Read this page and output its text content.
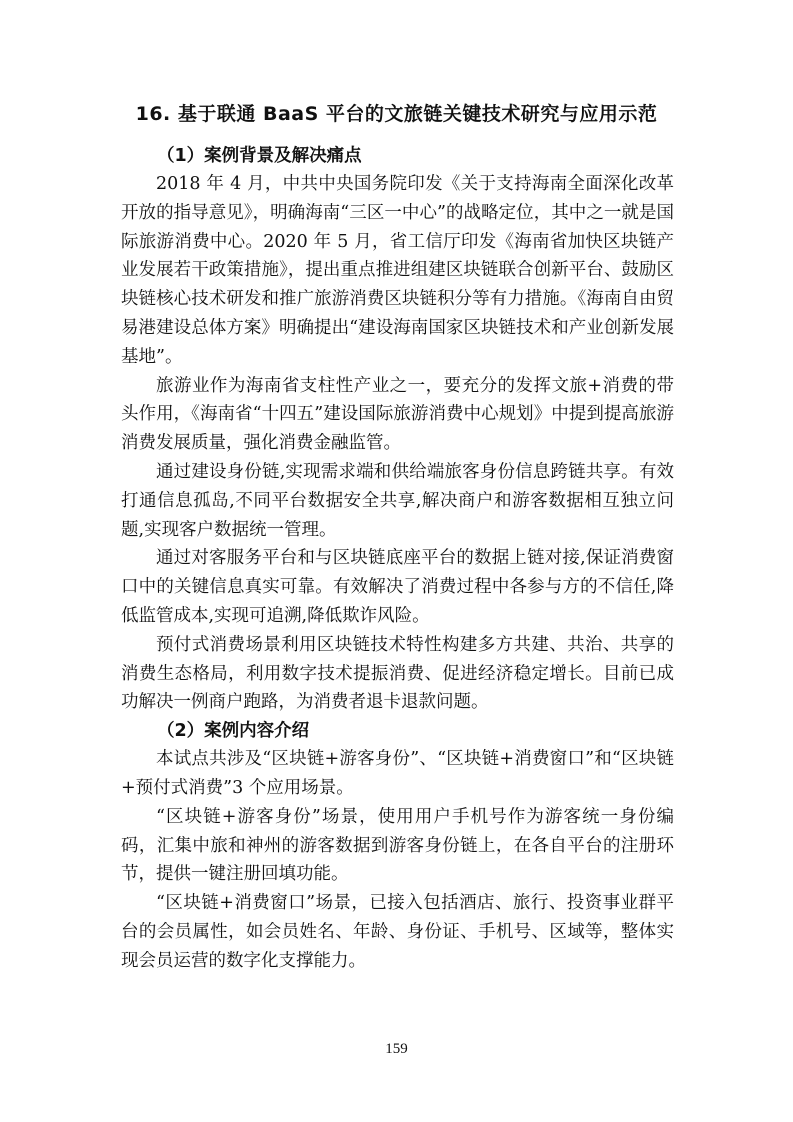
16. 基于联通 BaaS 平台的文旅链关键技术研究与应用示范
（1）案例背景及解决痛点

2018 年 4 月，中共中央国务院印发《关于支持海南全面深化改革开放的指导意见》，明确海南“三区一中心”的战略定位，其中之一就是国际旅游消费中心。2020 年 5 月，省工信厅印发《海南省加快区块链产业发展若干政策措施》，提出重点推进组建区块链联合创新平台、鼓励区块链核心技术研发和推广旅游消费区块链积分等有力措施。《海南自由贸易港建设总体方案》明确提出“建设海南国家区块链技术和产业创新发展基地”。

旅游业作为海南省支柱性产业之一，要充分的发挥文旅+消费的带头作用，《海南省“十四五”建设国际旅游消费中心规划》中提到提高旅游消费发展质量，强化消费金融监管。

通过建设身份链,实现需求端和供给端旅客身份信息跨链共享。有效打通信息孤岛,不同平台数据安全共享,解决商户和游客数据相互独立问题,实现客户数据统一管理。

通过对客服务平台和与区块链底座平台的数据上链对接,保证消费窗口中的关键信息真实可靠。有效解决了消费过程中各参与方的不信任,降低监管成本,实现可追溯,降低欺诈风险。

预付式消费场景利用区块链技术特性构建多方共建、共治、共享的消费生态格局，利用数字技术提振消费、促进经济稳定增长。目前已成功解决一例商户跑路，为消费者退卡退款问题。

（2）案例内容介绍

本试点共涉及“区块链+游客身份”、“区块链+消费窗口”和“区块链+预付式消费”3 个应用场景。

“区块链+游客身份”场景，使用用户手机号作为游客统一身份编码，汇集中旅和神州的游客数据到游客身份链上，在各自平台的注册环节，提供一键注册回填功能。

“区块链+消费窗口”场景，已接入包括酒店、旅行、投资事业群平台的会员属性，如会员姓名、年龄、身份证、手机号、区域等，整体实现会员运营的数字化支撑能力。

159
